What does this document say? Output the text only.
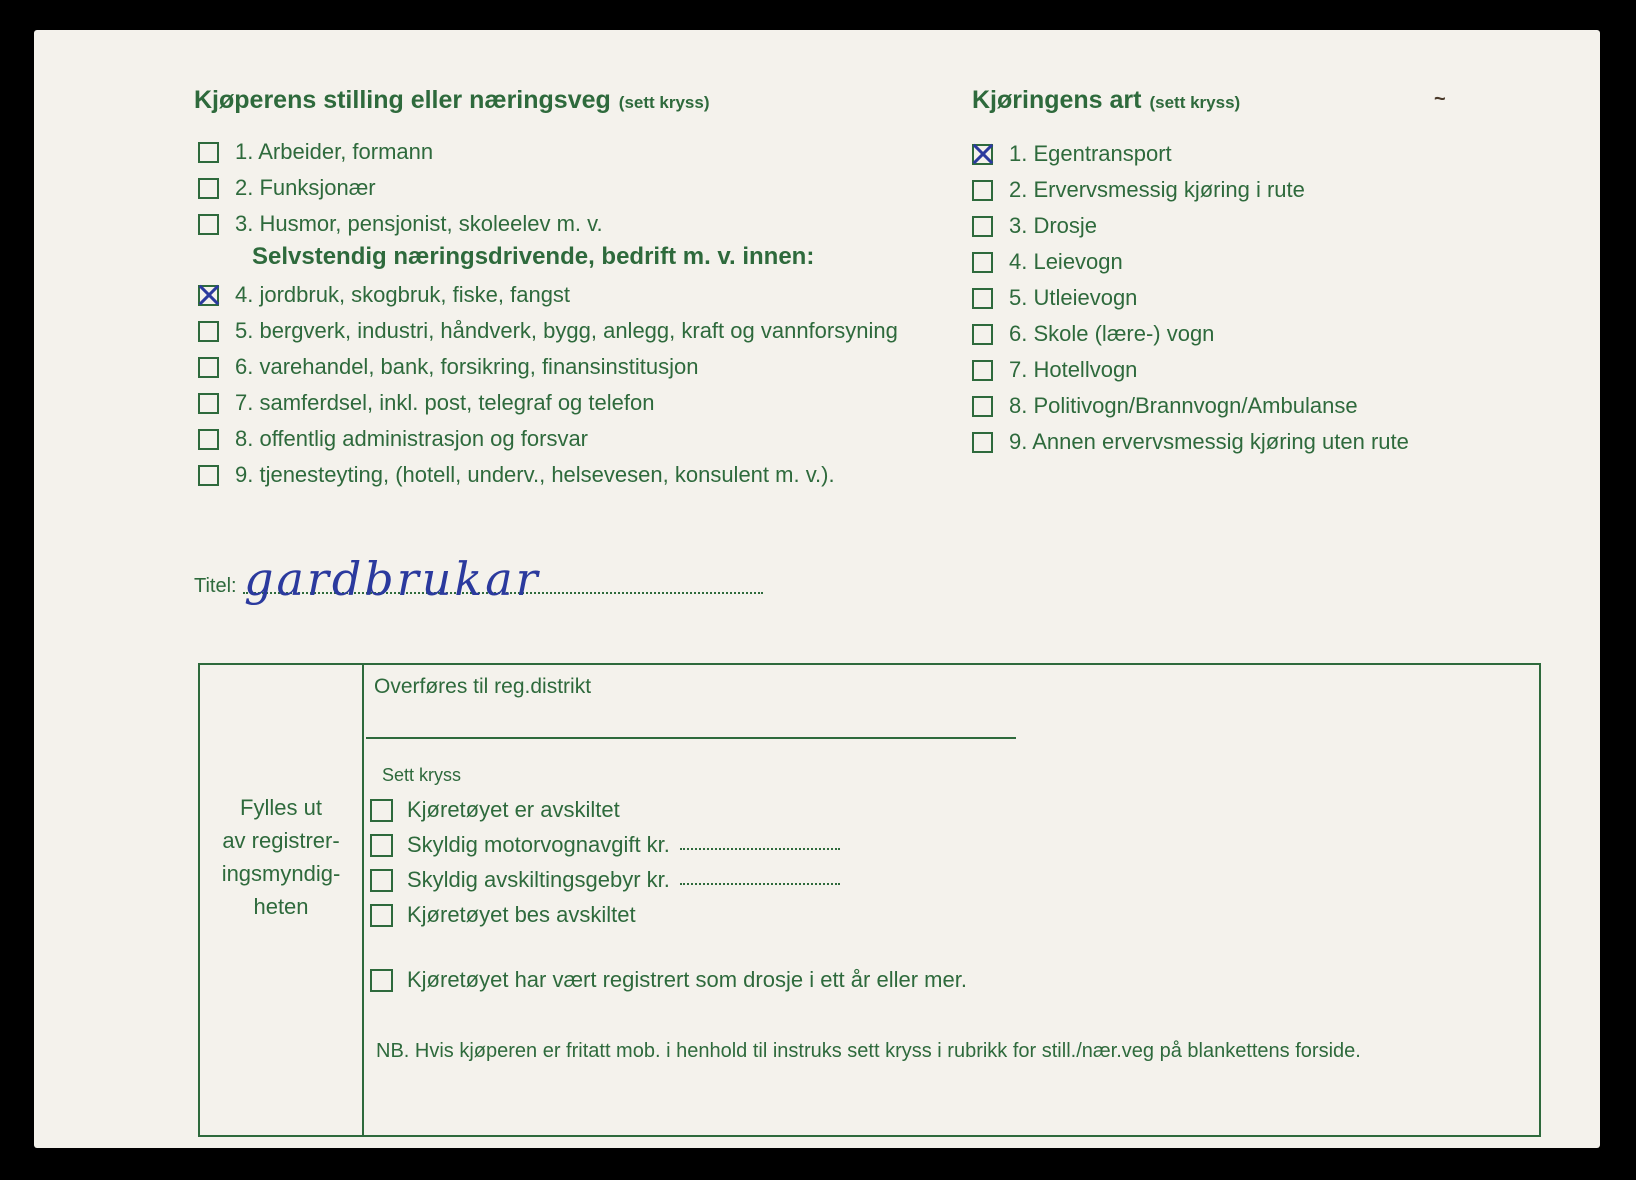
Kjøperens stilling eller næringsveg (sett kryss)
1. Arbeider, formann
2. Funksjonær
3. Husmor, pensjonist, skoleelev m. v.
Selvstendig næringsdrivende, bedrift m. v. innen:
4. jordbruk, skogbruk, fiske, fangst
5. bergverk, industri, håndverk, bygg, anlegg, kraft og vannforsyning
6. varehandel, bank, forsikring, finansinstitusjon
7. samferdsel, inkl. post, telegraf og telefon
8. offentlig administrasjon og forsvar
9. tjenesteyting, (hotell, underv., helsevesen, konsulent m. v.).
Kjøringens art (sett kryss)
1. Egentransport
2. Ervervsmessig kjøring i rute
3. Drosje
4. Leievogn
5. Utleievogn
6. Skole (lære-) vogn
7. Hotellvogn
8. Politivogn/Brannvogn/Ambulanse
9. Annen ervervsmessig kjøring uten rute
Titel: gardbrukar
Fylles ut
av registrer-
ingsmyndig-
heten
Overføres til reg.distrikt
Sett kryss
Kjøretøyet er avskiltet
Skyldig motorvognavgift kr.
Skyldig avskiltingsgebyr kr.
Kjøretøyet bes avskiltet
Kjøretøyet har vært registrert som drosje i ett år eller mer.
NB. Hvis kjøperen er fritatt mob. i henhold til instruks sett kryss i rubrikk for still./nær.veg på blankettens forside.
~
